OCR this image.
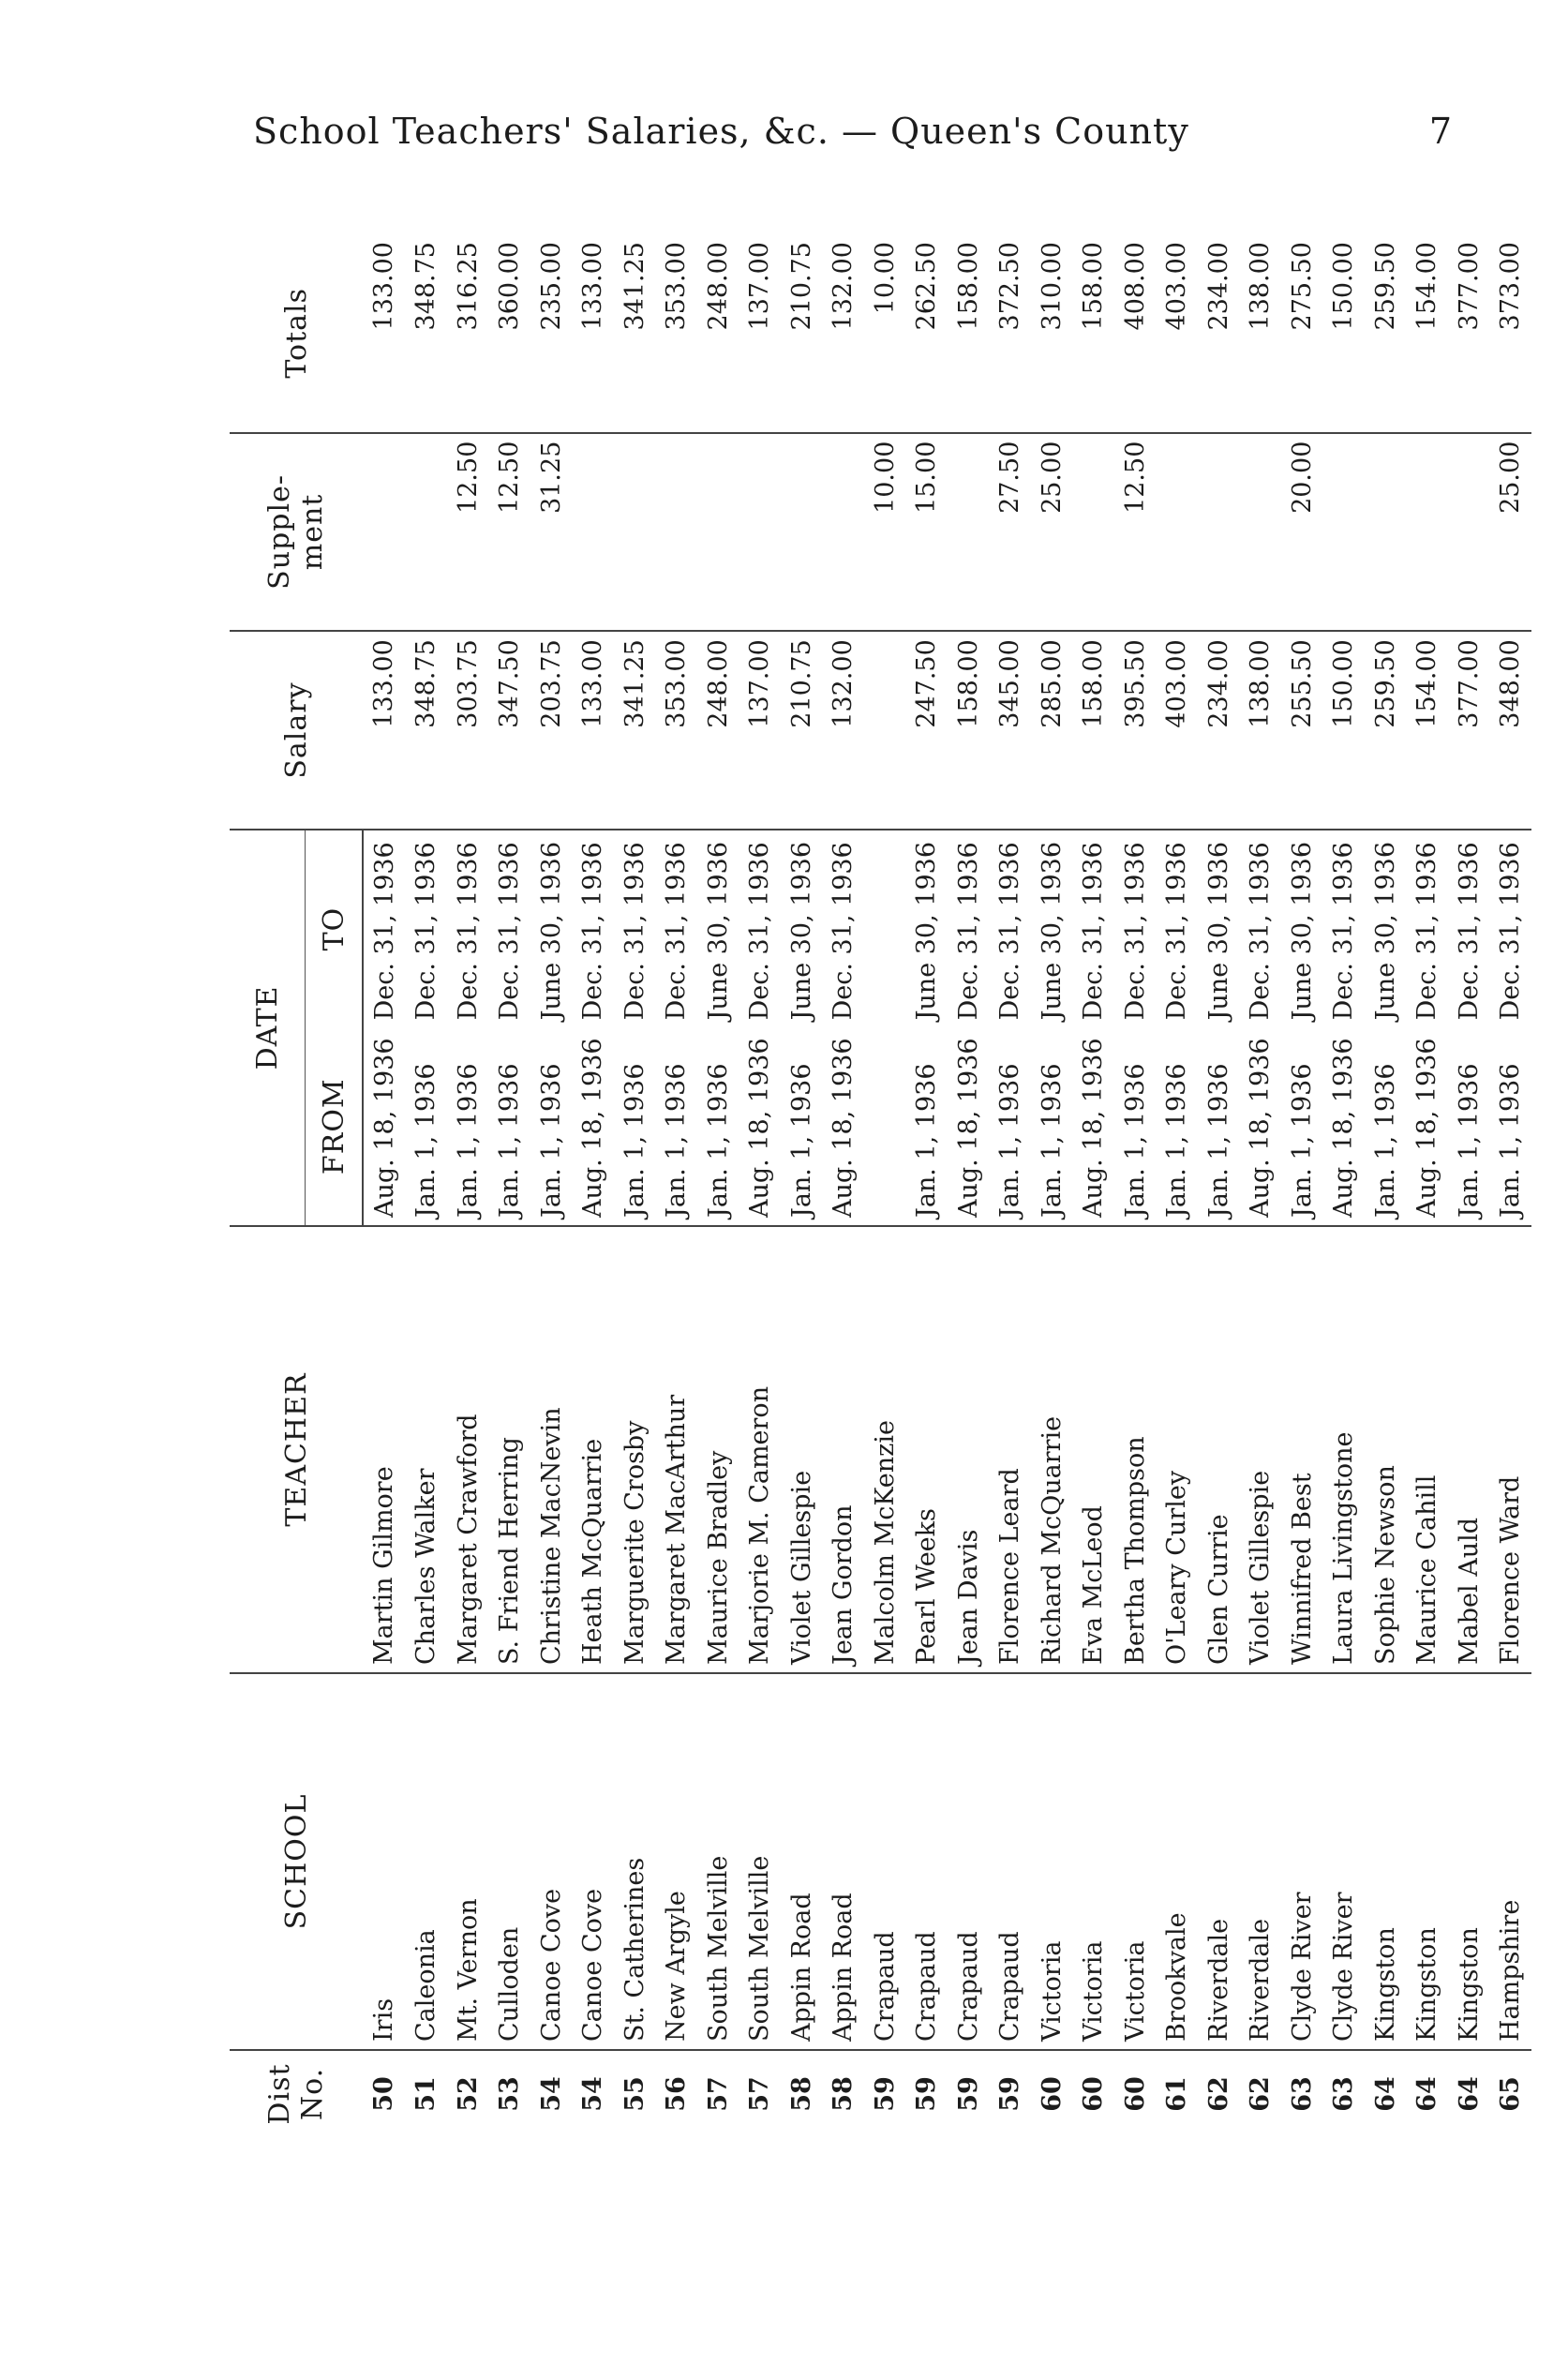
School Teachers' Salaries, &c. — Queen's County	7
Dist No.	SCHOOL	TEACHER	DATE		Salary	Supple- ment	Totals
			FROM	TO			
50	Iris	Martin Gilmore	Aug. 18, 1936	Dec. 31, 1936	133.00		133.00
51	Caleonia	Charles Walker	Jan. 1, 1936	Dec. 31, 1936	348.75		348.75
52	Mt. Vernon	Margaret Crawford	Jan. 1, 1936	Dec. 31, 1936	303.75	12.50	316.25
53	Culloden	S. Friend Herring	Jan. 1, 1936	Dec. 31, 1936	347.50	12.50	360.00
54	Canoe Cove	Christine MacNevin	Jan. 1, 1936	June 30, 1936	203.75	31.25	235.00
54	Canoe Cove	Heath McQuarrie	Aug. 18, 1936	Dec. 31, 1936	133.00		133.00
55	St. Catherines	Marguerite Crosby	Jan. 1, 1936	Dec. 31, 1936	341.25		341.25
56	New Argyle	Margaret MacArthur	Jan. 1, 1936	Dec. 31, 1936	353.00		353.00
57	South Melville	Maurice Bradley	Jan. 1, 1936	June 30, 1936	248.00		248.00
57	South Melville	Marjorie M. Cameron	Aug. 18, 1936	Dec. 31, 1936	137.00		137.00
58	Appin Road	Violet Gillespie	Jan. 1, 1936	June 30, 1936	210.75		210.75
58	Appin Road	Jean Gordon	Aug. 18, 1936	Dec. 31, 1936	132.00		132.00
59	Crapaud	Malcolm McKenzie				10.00	10.00
59	Crapaud	Pearl Weeks	Jan. 1, 1936	June 30, 1936	247.50	15.00	262.50
59	Crapaud	Jean Davis	Aug. 18, 1936	Dec. 31, 1936	158.00		158.00
59	Crapaud	Florence Leard	Jan. 1, 1936	Dec. 31, 1936	345.00	27.50	372.50
60	Victoria	Richard McQuarrie	Jan. 1, 1936	June 30, 1936	285.00	25.00	310.00
60	Victoria	Eva McLeod	Aug. 18, 1936	Dec. 31, 1936	158.00		158.00
60	Victoria	Bertha Thompson	Jan. 1, 1936	Dec. 31, 1936	395.50	12.50	408.00
61	Brookvale	O'Leary Curley	Jan. 1, 1936	Dec. 31, 1936	403.00		403.00
62	Riverdale	Glen Currie	Jan. 1, 1936	June 30, 1936	234.00		234.00
62	Riverdale	Violet Gillespie	Aug. 18, 1936	Dec. 31, 1936	138.00		138.00
63	Clyde River	Winnifred Best	Jan. 1, 1936	June 30, 1936	255.50	20.00	275.50
63	Clyde River	Laura Livingstone	Aug. 18, 1936	Dec. 31, 1936	150.00		150.00
64	Kingston	Sophie Newson	Jan. 1, 1936	June 30, 1936	259.50		259.50
64	Kingston	Maurice Cahill	Aug. 18, 1936	Dec. 31, 1936	154.00		154.00
64	Kingston	Mabel Auld	Jan. 1, 1936	Dec. 31, 1936	377.00		377.00
65	Hampshire	Florence Ward	Jan. 1, 1936	Dec. 31, 1936	348.00	25.00	373.00
